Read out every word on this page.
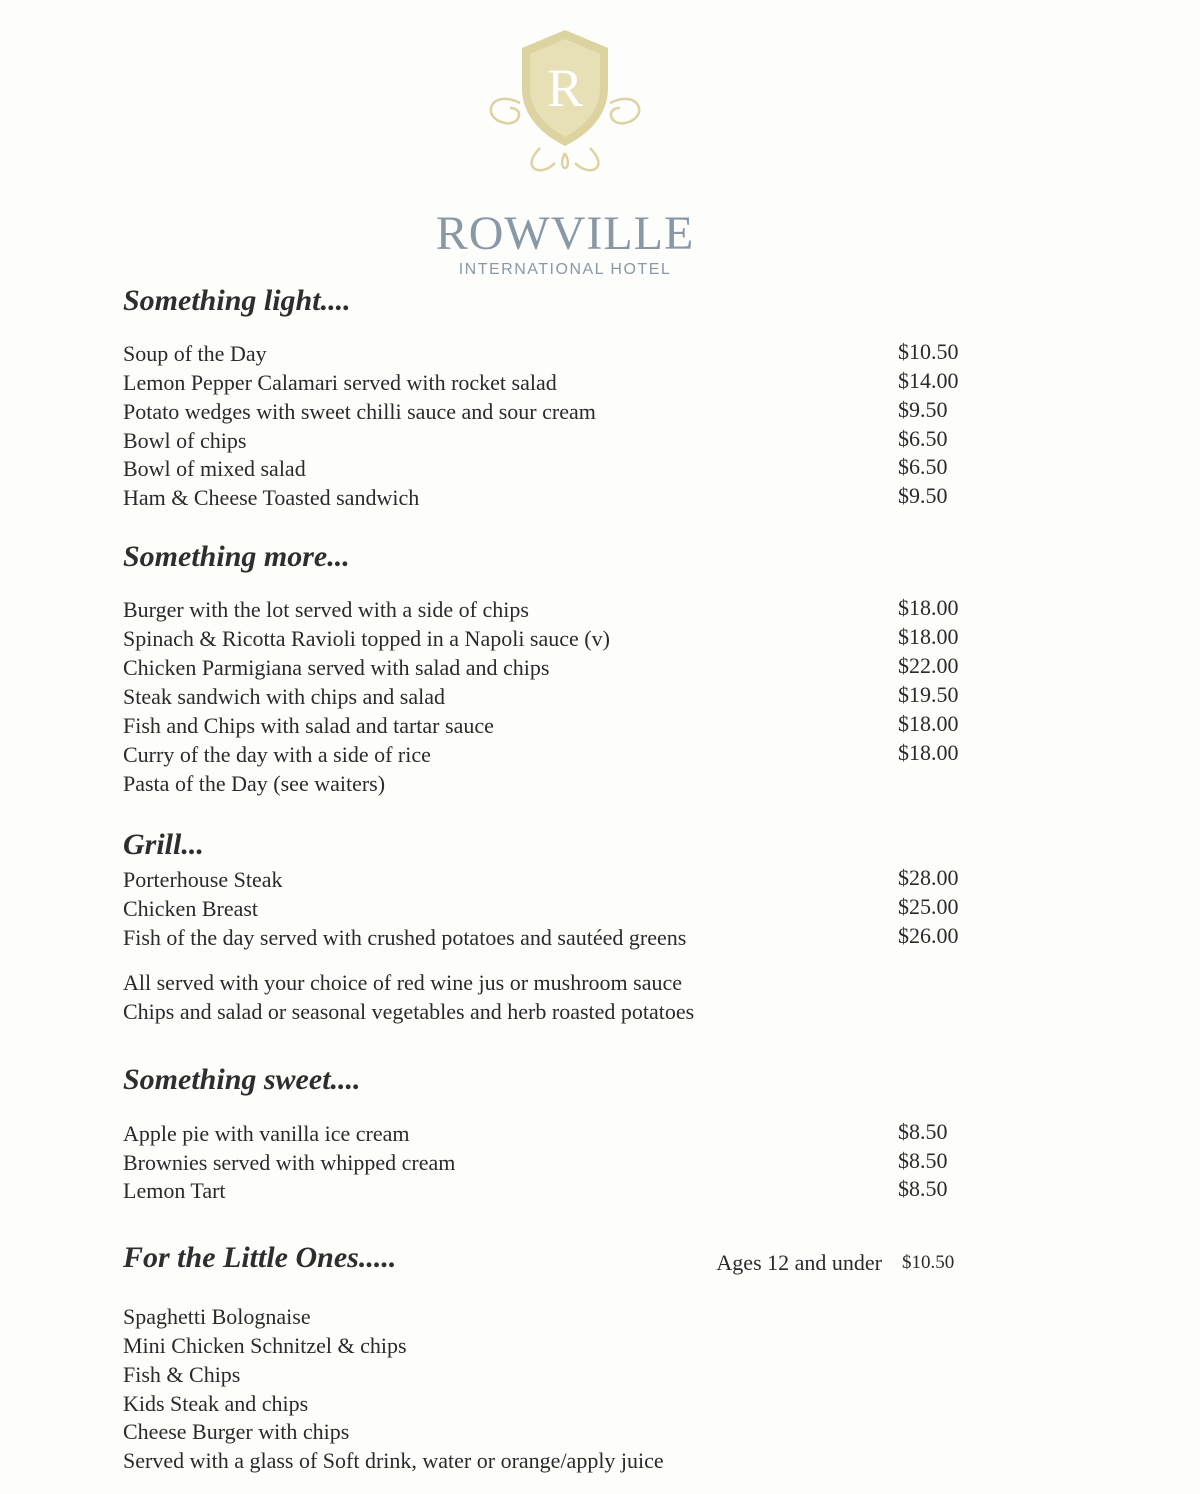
R
ROWVILLE
INTERNATIONAL HOTEL
Something light....
Soup of the Day	$10.50
Lemon Pepper Calamari served with rocket salad	$14.00
Potato wedges with sweet chilli sauce and sour cream	$9.50
Bowl of chips	$6.50
Bowl of mixed salad	$6.50
Ham & Cheese Toasted sandwich	$9.50
Something more...
Burger with the lot served with a side of chips	$18.00
Spinach & Ricotta Ravioli topped in a Napoli sauce (v)	$18.00
Chicken Parmigiana served with salad and chips	$22.00
Steak sandwich with chips and salad	$19.50
Fish and Chips with salad and tartar sauce	$18.00
Curry of the day with a side of rice	$18.00
Pasta of the Day (see waiters)
Grill...
Porterhouse Steak	$28.00
Chicken Breast	$25.00
Fish of the day served with crushed potatoes and sautéed greens	$26.00
All served with your choice of red wine jus or mushroom sauce
Chips and salad or seasonal vegetables and herb roasted potatoes
Something sweet....
Apple pie with vanilla ice cream	$8.50
Brownies served with whipped cream	$8.50
Lemon Tart	$8.50
For the Little Ones.....	Ages 12 and under $10.50
Spaghetti Bolognaise
Mini Chicken Schnitzel & chips
Fish & Chips
Kids Steak and chips
Cheese Burger with chips
Served with a glass of Soft drink, water or orange/apply juice
